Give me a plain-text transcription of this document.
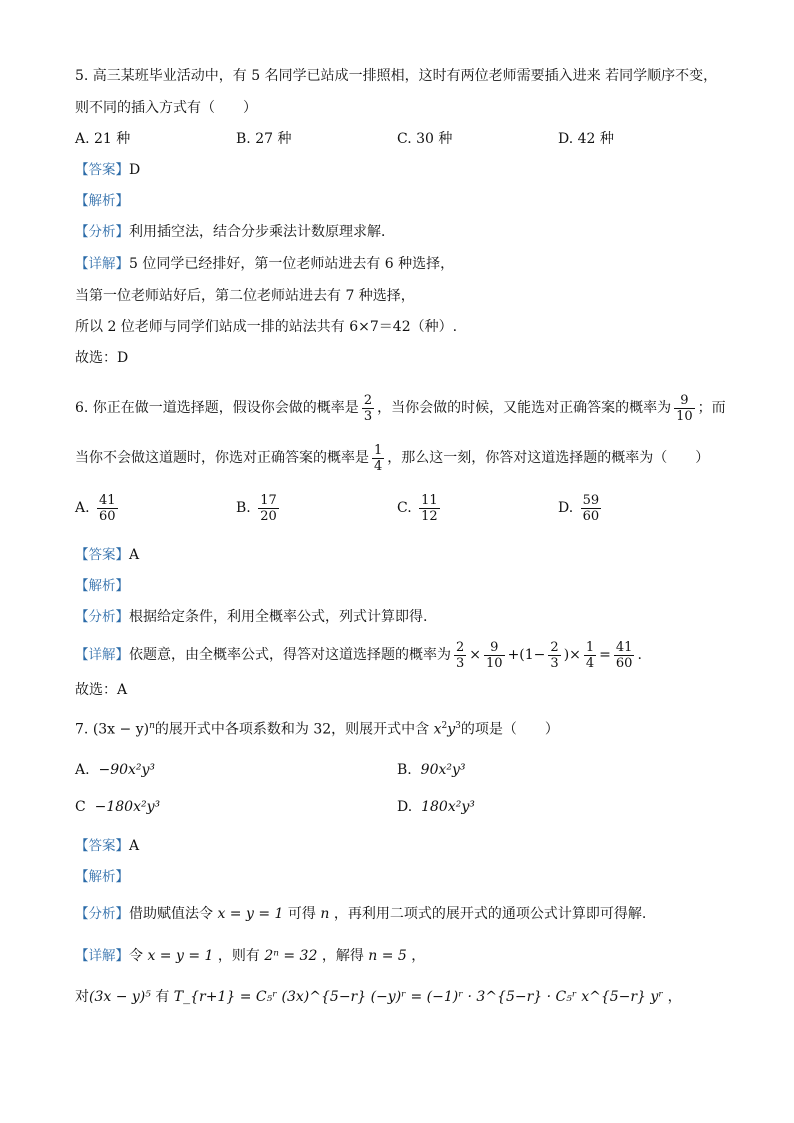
5. 高三某班毕业活动中，有 5 名同学已站成一排照相，这时有两位老师需要插入进来 若同学顺序不变，
则不同的插入方式有（　　）
A. 21 种	B. 27 种	C. 30 种	D. 42 种
【答案】D
【解析】
【分析】利用插空法，结合分步乘法计数原理求解．
【详解】5 位同学已经排好，第一位老师站进去有 6 种选择，
当第一位老师站好后，第二位老师站进去有 7 种选择，
所以 2 位老师与同学们站成一排的站法共有 6×7＝42（种）.
故选：D
6. 你正在做一道选择题，假设你会做的概率是 $\frac{2}{3}$ ，当你会做的时候，又能选对正确答案的概率为 $\frac{9}{10}$ ；而
当你不会做这道题时，你选对正确答案的概率是 $\frac{1}{4}$ ，那么这一刻，你答对这道选择题的概率为（　　）
A. $\frac{41}{60}$	B. $\frac{17}{20}$	C. $\frac{11}{12}$	D. $\frac{59}{60}$
【答案】A
【解析】
【分析】根据给定条件，利用全概率公式，列式计算即得.
【详解】依题意，由全概率公式，得答对这道选择题的概率为 $\frac{2}{3} \times \frac{9}{10} +(1- \frac{2}{3}$ )× $\frac{1}{4} = \frac{41}{60}$ .
故选：A
7. $(3x - y)^n$的展开式中各项系数和为 32，则展开式中含 $x^2y^3$的项是（　　）
A. −90x²y³	B. 90x²y³
C −180x²y³	D. 180x²y³
【答案】A
【解析】
【分析】借助赋值法令 x = y = 1 可得 n ，再利用二项式的展开式的通项公式计算即可得解.
【详解】令 x = y = 1 ，则有 2ⁿ = 32 ，解得 n = 5 ，
对(3x − y)⁵ 有 T_{r+1} = C₅ʳ (3x)^{5−r} (−y)ʳ = (−1)ʳ · 3^{5−r} · C₅ʳ x^{5−r} yʳ ，
